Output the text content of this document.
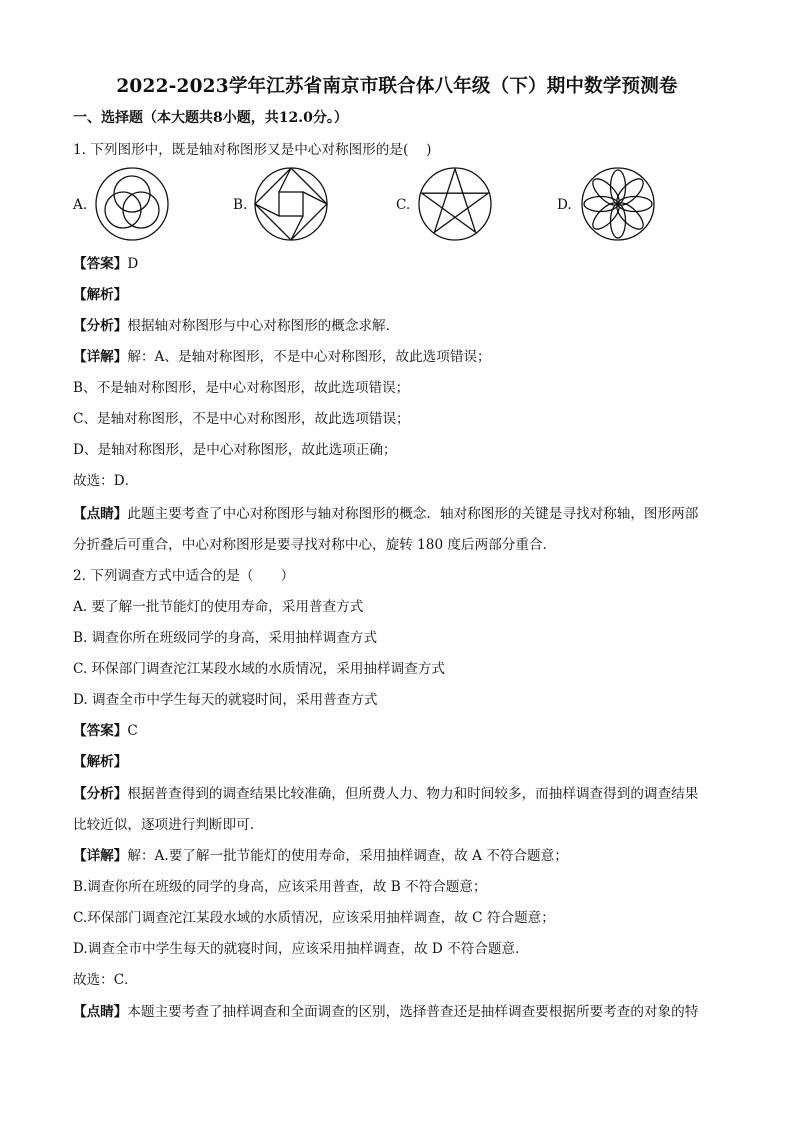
2022-2023学年江苏省南京市联合体八年级（下）期中数学预测卷
一、选择题（本大题共8小题，共12.0分。）
1. 下列图形中，既是轴对称图形又是中心对称图形的是(　 )
A.	B.	C.	D.
【答案】D
【解析】
【分析】根据轴对称图形与中心对称图形的概念求解．
【详解】解：A、是轴对称图形，不是中心对称图形，故此选项错误；
B、不是轴对称图形，是中心对称图形，故此选项错误；
C、是轴对称图形，不是中心对称图形，故此选项错误；
D、是轴对称图形，是中心对称图形，故此选项正确；
故选：D．
【点睛】此题主要考查了中心对称图形与轴对称图形的概念．轴对称图形的关键是寻找对称轴，图形两部
分折叠后可重合，中心对称图形是要寻找对称中心，旋转 180 度后两部分重合．
2. 下列调查方式中适合的是（　　）
A. 要了解一批节能灯的使用寿命，采用普查方式
B. 调查你所在班级同学的身高，采用抽样调查方式
C. 环保部门调查沱江某段水域的水质情况，采用抽样调查方式
D. 调查全市中学生每天的就寝时间，采用普查方式
【答案】C
【解析】
【分析】根据普查得到的调查结果比较准确，但所费人力、物力和时间较多，而抽样调查得到的调查结果
比较近似，逐项进行判断即可．
【详解】解：A.要了解一批节能灯的使用寿命，采用抽样调查，故 A 不符合题意；
B.调查你所在班级的同学的身高，应该采用普查，故 B 不符合题意；
C.环保部门调查沱江某段水域的水质情况，应该采用抽样调查，故 C 符合题意；
D.调查全市中学生每天的就寝时间，应该采用抽样调查，故 D 不符合题意．
故选：C．
【点睛】本题主要考查了抽样调查和全面调查的区别，选择普查还是抽样调查要根据所要考查的对象的特
